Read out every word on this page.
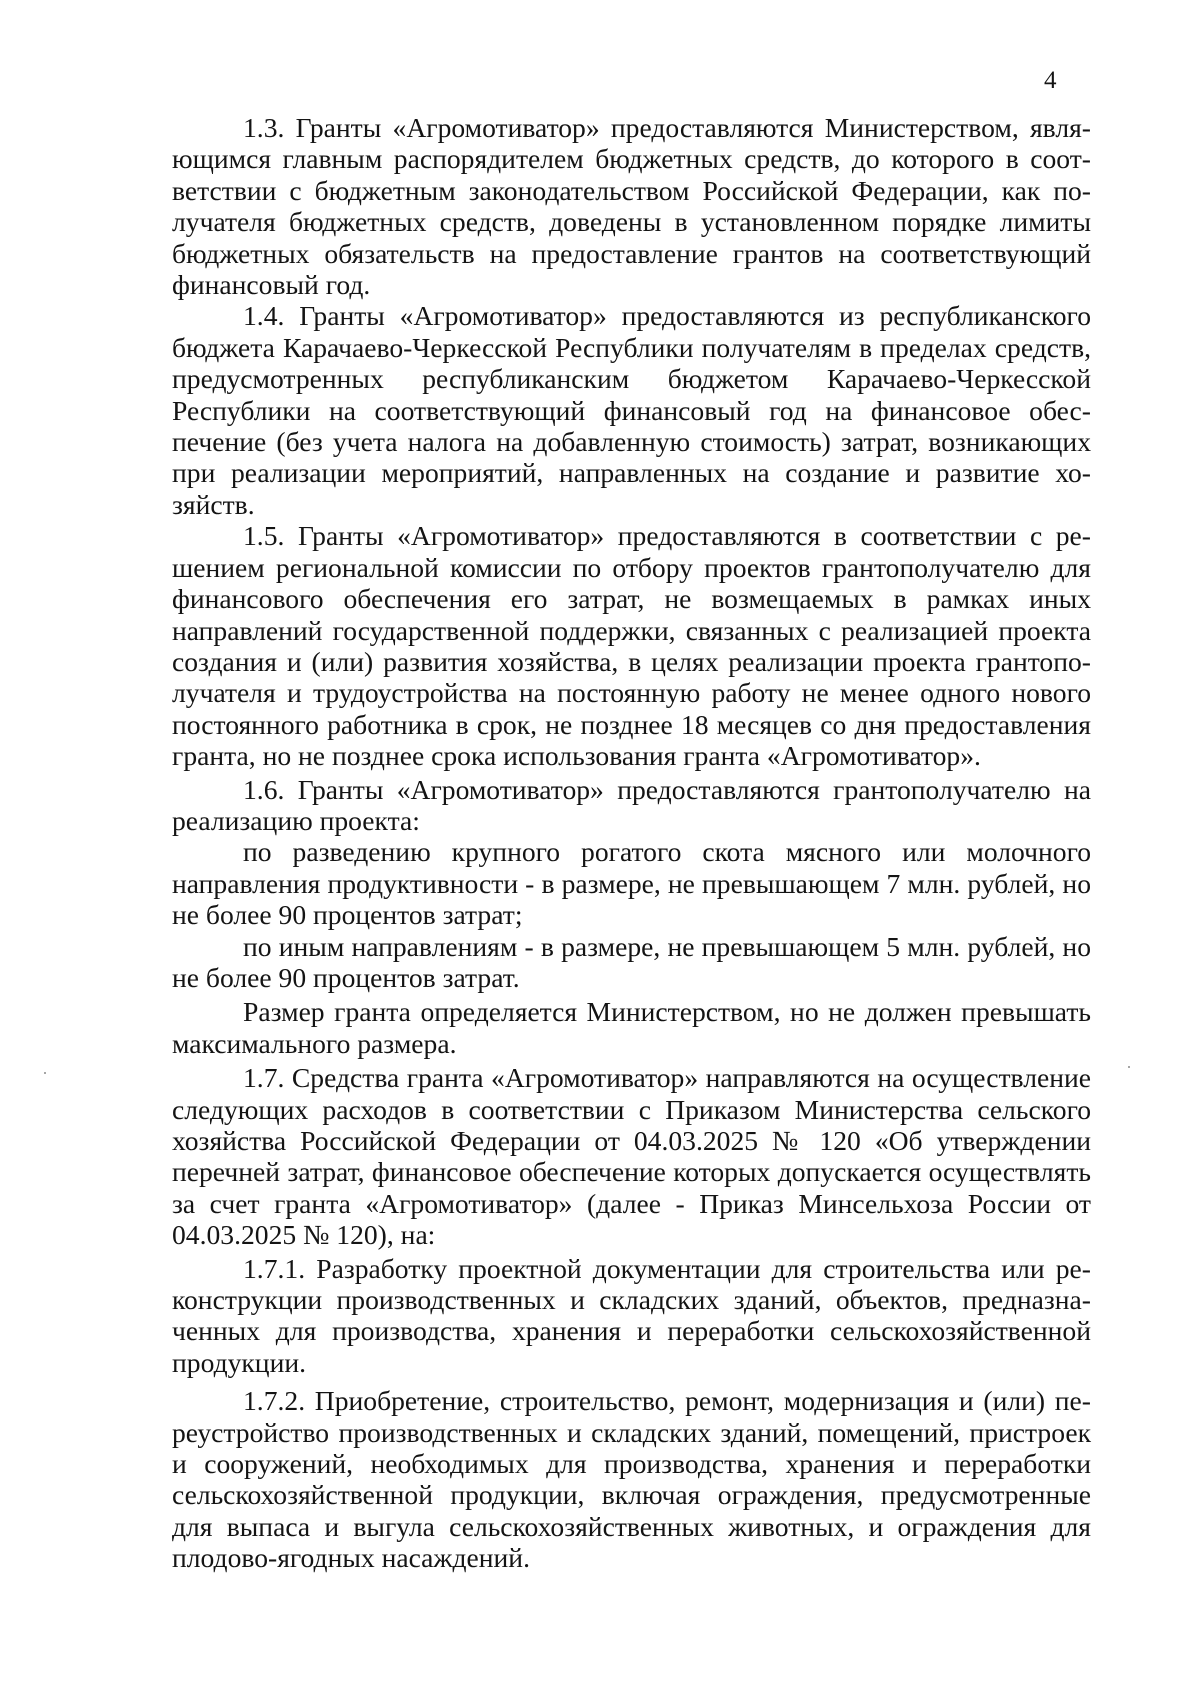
4

1.3. Гранты «Агромотиватор» предоставляются Министерством, являющимся главным распорядителем бюджетных средств, до которого в соответствии с бюджетным законодательством Российской Федерации, как получателя бюджетных средств, доведены в установленном порядке лимиты бюджетных обязательств на предоставление грантов на соответствующий финансовый год.

1.4. Гранты «Агромотиватор» предоставляются из республиканского бюджета Карачаево-Черкесской Республики получателям в пределах средств, предусмотренных республиканским бюджетом Карачаево-Черкесской Республики на соответствующий финансовый год на финансовое обеспечение (без учета налога на добавленную стоимость) затрат, возникающих при реализации мероприятий, направленных на создание и развитие хозяйств.

1.5. Гранты «Агромотиватор» предоставляются в соответствии с решением региональной комиссии по отбору проектов грантополучателю для финансового обеспечения его затрат, не возмещаемых в рамках иных направлений государственной поддержки, связанных с реализацией проекта создания и (или) развития хозяйства, в целях реализации проекта грантополучателя и трудоустройства на постоянную работу не менее одного нового постоянного работника в срок, не позднее 18 месяцев со дня предоставления гранта, но не позднее срока использования гранта «Агромотиватор».

1.6. Гранты «Агромотиватор» предоставляются грантополучателю на реализацию проекта:

по разведению крупного рогатого скота мясного или молочного направления продуктивности - в размере, не превышающем 7 млн. рублей, но не более 90 процентов затрат;

по иным направлениям - в размере, не превышающем 5 млн. рублей, но не более 90 процентов затрат.

Размер гранта определяется Министерством, но не должен превышать максимального размера.

1.7. Средства гранта «Агромотиватор» направляются на осуществление следующих расходов в соответствии с Приказом Министерства сельского хозяйства Российской Федерации от 04.03.2025 № 120 «Об утверждении перечней затрат, финансовое обеспечение которых допускается осуществлять за счет гранта «Агромотиватор» (далее - Приказ Минсельхоза России от 04.03.2025 № 120), на:

1.7.1. Разработку проектной документации для строительства или реконструкции производственных и складских зданий, объектов, предназначенных для производства, хранения и переработки сельскохозяйственной продукции.

1.7.2. Приобретение, строительство, ремонт, модернизация и (или) переустройство производственных и складских зданий, помещений, пристроек и сооружений, необходимых для производства, хранения и переработки сельскохозяйственной продукции, включая ограждения, предусмотренные для выпаса и выгула сельскохозяйственных животных, и ограждения для плодово-ягодных насаждений.
